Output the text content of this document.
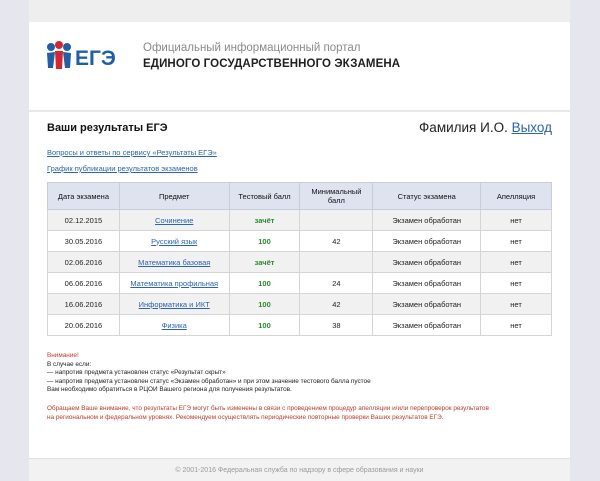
ЕГЭ Официальный информационный портал
ЕДИНОГО ГОСУДАРСТВЕННОГО ЭКЗАМЕНА
Ваши результаты ЕГЭ	Фамилия И.О. Выход
Вопросы и ответы по сервису «Результаты ЕГЭ»
График публикации результатов экзаменов
Дата экзамена	Предмет	Тестовый балл	Минимальный балл	Статус экзамена	Апелляция
02.12.2015	Сочинение	зачёт		Экзамен обработан	нет
30.05.2016	Русский язык	100	42	Экзамен обработан	нет
02.06.2016	Математика базовая	зачёт		Экзамен обработан	нет
06.06.2016	Математика профильная	100	24	Экзамен обработан	нет
16.06.2016	Информатика и ИКТ	100	42	Экзамен обработан	нет
20.06.2016	Физика	100	38	Экзамен обработан	нет
Внимание!
В случае если:
— напротив предмета установлен статус «Результат скрыт»
— напротив предмета установлен статус «Экзамен обработан» и при этом значение тестового балла пустое
Вам необходимо обратиться в РЦОИ Вашего региона для получения результатов.
Обращаем Ваше внимание, что результаты ЕГЭ могут быть изменены в связи с проведением процедур апелляции и/или перепроверок результатов
на региональном и федеральном уровнях. Рекомендуем осуществлять периодические повторные проверки Ваших результатов ЕГЭ.
© 2001-2016 Федеральная служба по надзору в сфере образования и науки
